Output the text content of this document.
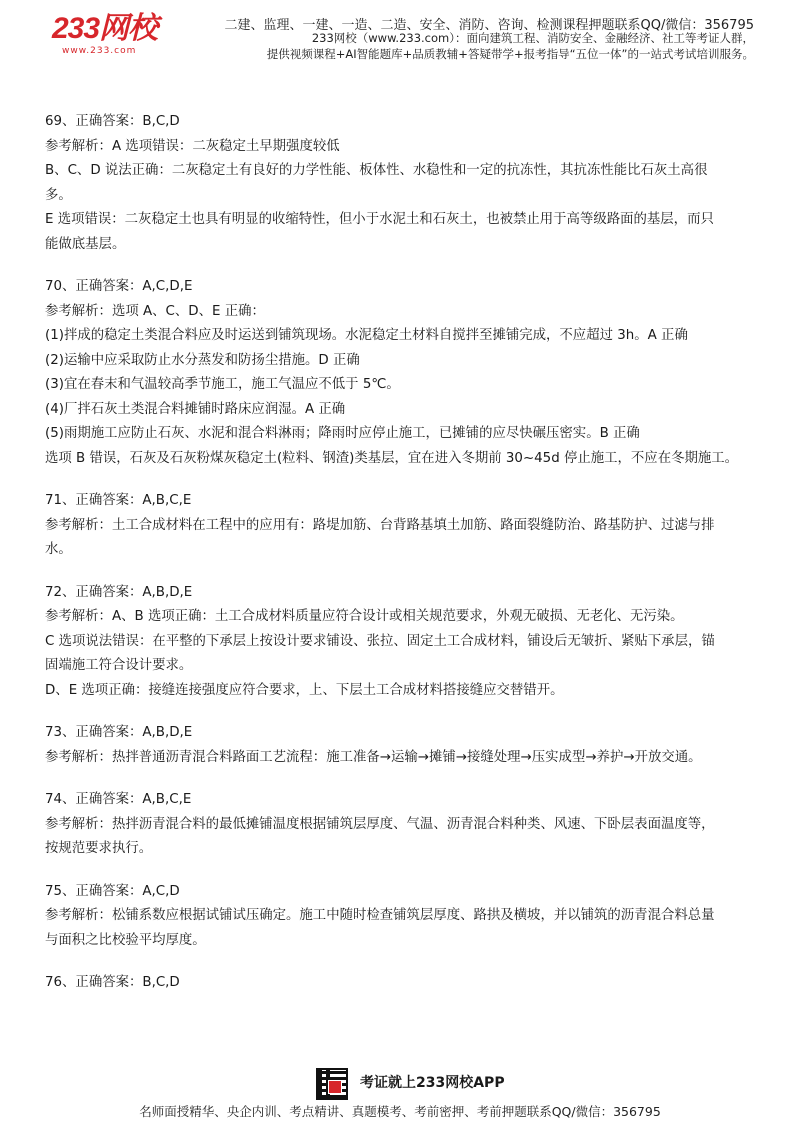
233网校
www.233.com
二建、监理、一建、一造、二造、安全、消防、咨询、检测课程押题联系QQ/微信：356795
233网校（www.233.com）：面向建筑工程、消防安全、金融经济、社工等考证人群，
提供视频课程+AI智能题库+品质教辅+答疑带学+报考指导“五位一体”的一站式考试培训服务。
69、正确答案：B,C,D
参考解析：A 选项错误：二灰稳定土早期强度较低
B、C、D 说法正确：二灰稳定土有良好的力学性能、板体性、水稳性和一定的抗冻性，其抗冻性能比石灰土高很
多。
E 选项错误：二灰稳定土也具有明显的收缩特性，但小于水泥土和石灰土，也被禁止用于高等级路面的基层，而只
能做底基层。
70、正确答案：A,C,D,E
参考解析：选项 A、C、D、E 正确：
(1)拌成的稳定土类混合料应及时运送到铺筑现场。水泥稳定土材料自搅拌至摊铺完成，不应超过 3h。A 正确
(2)运输中应采取防止水分蒸发和防扬尘措施。D 正确
(3)宜在春末和气温较高季节施工，施工气温应不低于 5℃。
(4)厂拌石灰土类混合料摊铺时路床应润湿。A 正确
(5)雨期施工应防止石灰、水泥和混合料淋雨；降雨时应停止施工，已摊铺的应尽快碾压密实。B 正确
选项 B 错误，石灰及石灰粉煤灰稳定土(粒料、钢渣)类基层，宜在进入冬期前 30~45d 停止施工，不应在冬期施工。
71、正确答案：A,B,C,E
参考解析：土工合成材料在工程中的应用有：路堤加筋、台背路基填土加筋、路面裂缝防治、路基防护、过滤与排
水。
72、正确答案：A,B,D,E
参考解析：A、B 选项正确：土工合成材料质量应符合设计或相关规范要求，外观无破损、无老化、无污染。
C 选项说法错误：在平整的下承层上按设计要求铺设、张拉、固定土工合成材料，铺设后无皱折、紧贴下承层，锚
固端施工符合设计要求。
D、E 选项正确：接缝连接强度应符合要求，上、下层土工合成材料搭接缝应交替错开。
73、正确答案：A,B,D,E
参考解析：热拌普通沥青混合料路面工艺流程：施工准备→运输→摊铺→接缝处理→压实成型→养护→开放交通。
74、正确答案：A,B,C,E
参考解析：热拌沥青混合料的最低摊铺温度根据铺筑层厚度、气温、沥青混合料种类、风速、下卧层表面温度等，
按规范要求执行。
75、正确答案：A,C,D
参考解析：松铺系数应根据试铺试压确定。施工中随时检查铺筑层厚度、路拱及横坡，并以铺筑的沥青混合料总量
与面积之比校验平均厚度。
76、正确答案：B,C,D
考证就上233网校APP
名师面授精华、央企内训、考点精讲、真题模考、考前密押、考前押题联系QQ/微信：356795
